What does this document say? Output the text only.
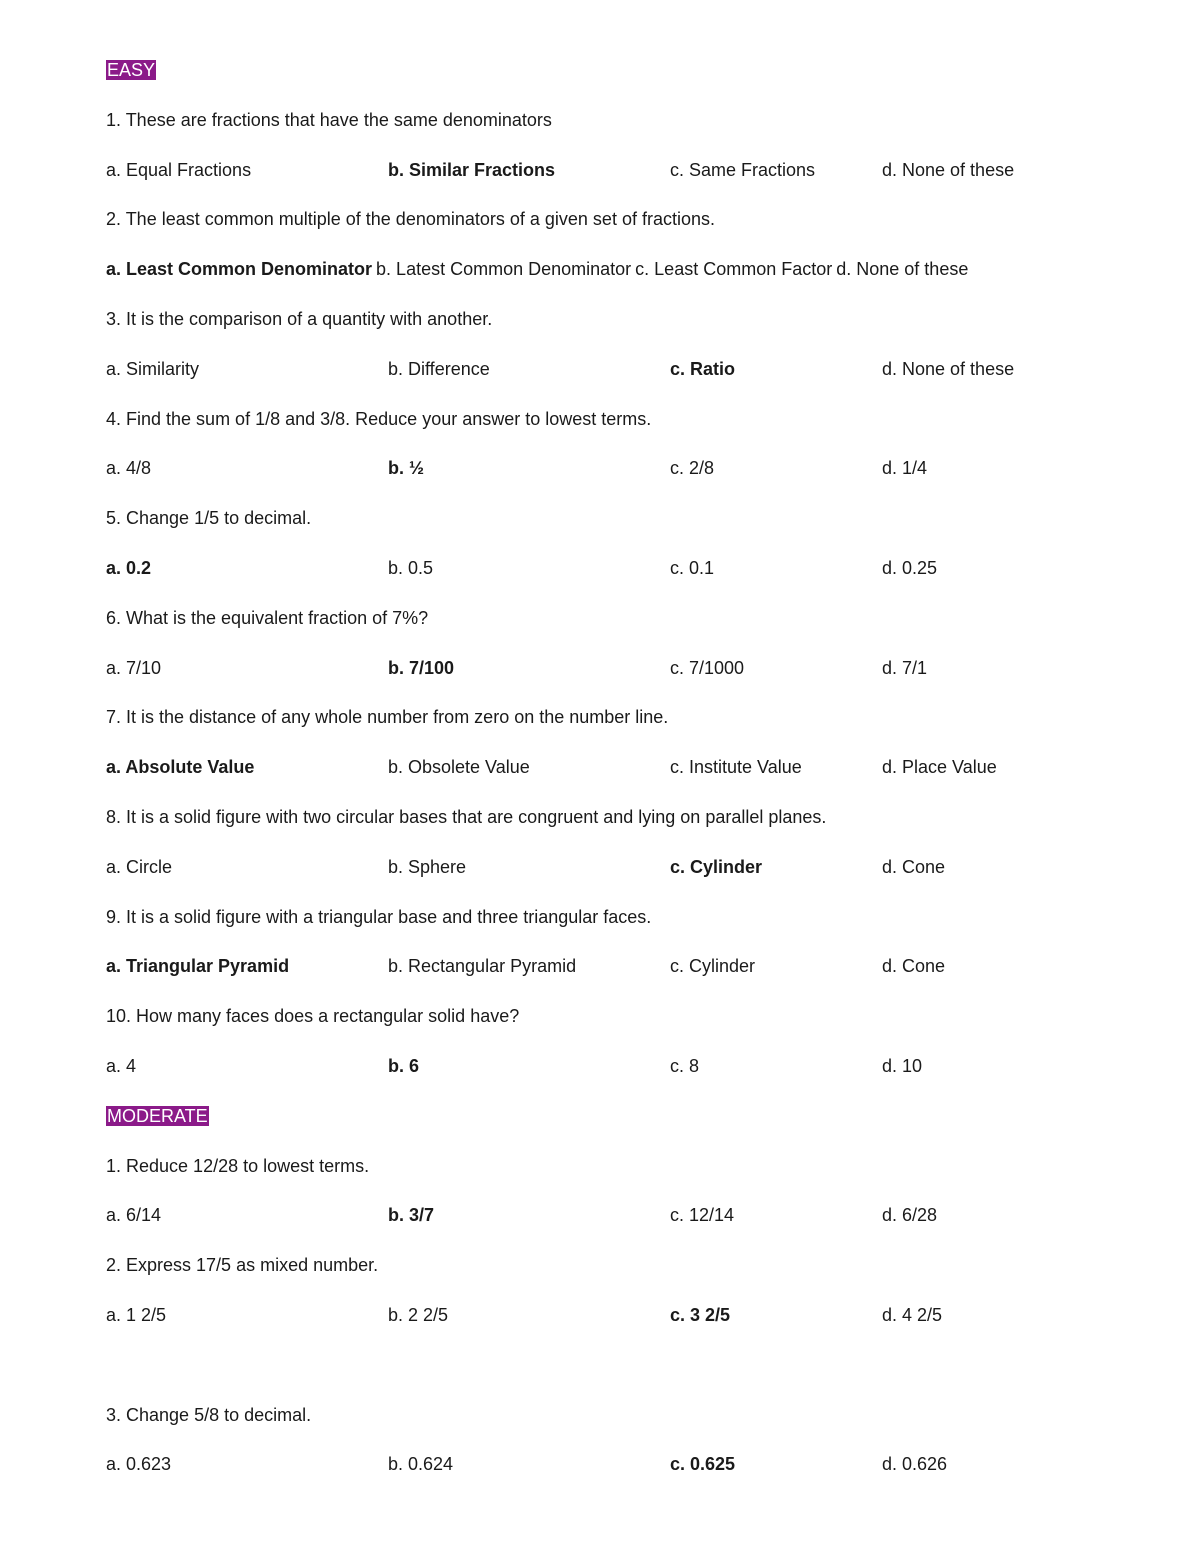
EASY
1. These are fractions that have the same denominators
a. Equal Fractions	b. Similar Fractions	c. Same Fractions	d. None of these
2. The least common multiple of the denominators of a given set of fractions.
a. Least Common Denominator b. Latest Common Denominator c. Least Common Factor d. None of these
3. It is the comparison of a quantity with another.
a. Similarity	b. Difference	c. Ratio	d. None of these
4. Find the sum of 1/8 and 3/8. Reduce your answer to lowest terms.
a. 4/8	b. ½	c. 2/8	d. 1/4
5. Change 1/5 to decimal.
a. 0.2	b. 0.5	c. 0.1	d. 0.25
6. What is the equivalent fraction of 7%?
a. 7/10	b. 7/100	c. 7/1000	d. 7/1
7. It is the distance of any whole number from zero on the number line.
a. Absolute Value	b. Obsolete Value	c. Institute Value	d. Place Value
8. It is a solid figure with two circular bases that are congruent and lying on parallel planes.
a. Circle	b. Sphere	c. Cylinder	d. Cone
9. It is a solid figure with a triangular base and three triangular faces.
a. Triangular Pyramid	b. Rectangular Pyramid	c. Cylinder	d. Cone
10. How many faces does a rectangular solid have?
a. 4	b. 6	c. 8	d. 10
MODERATE
1. Reduce 12/28 to lowest terms.
a. 6/14	b. 3/7	c. 12/14	d. 6/28
2. Express 17/5 as mixed number.
a. 1 2/5	b. 2 2/5	c. 3 2/5	d. 4 2/5
3. Change 5/8 to decimal.
a. 0.623	b. 0.624	c. 0.625	d. 0.626
